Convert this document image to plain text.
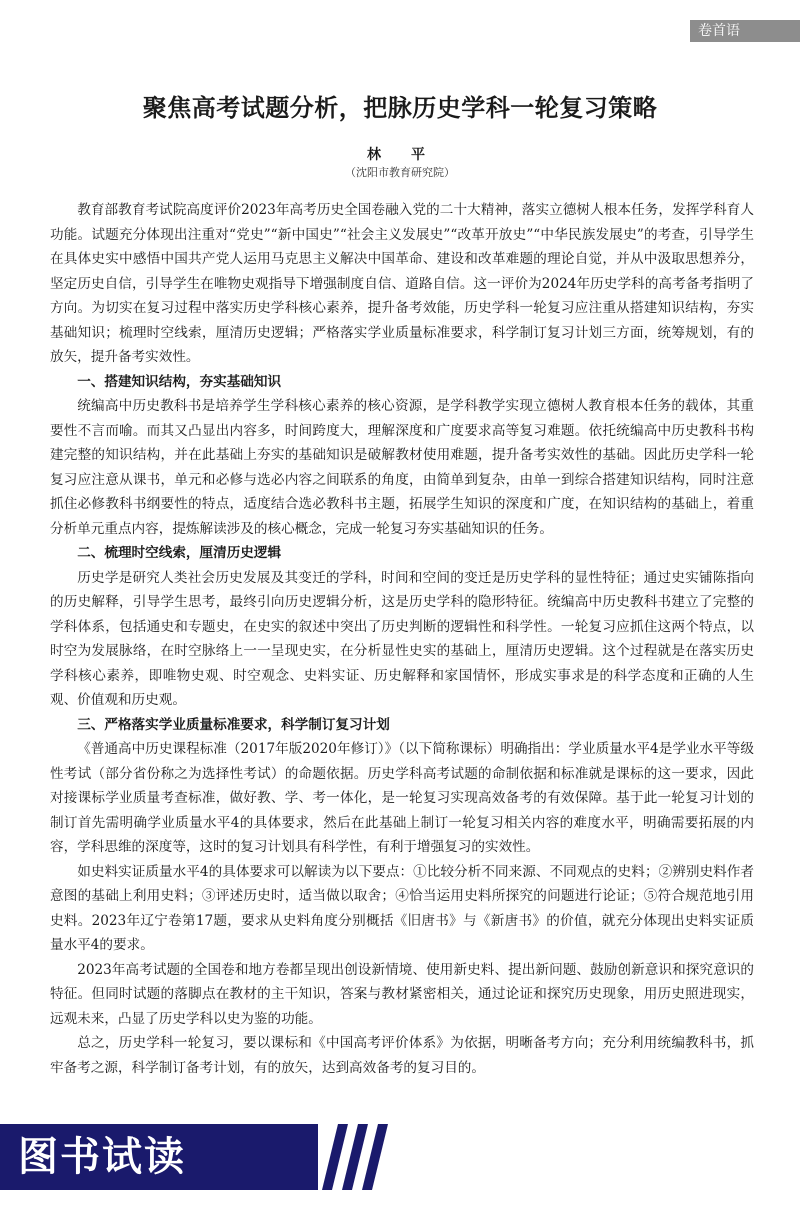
卷首语
聚焦高考试题分析，把脉历史学科一轮复习策略
林　平
（沈阳市教育研究院）

教育部教育考试院高度评价2023年高考历史全国卷融入党的二十大精神，落实立德树人根本任务，发挥学科育人功能。试题充分体现出注重对“党史”“新中国史”“社会主义发展史”“改革开放史”“中华民族发展史”的考查，引导学生在具体史实中感悟中国共产党人运用马克思主义解决中国革命、建设和改革难题的理论自觉，并从中汲取思想养分，坚定历史自信，引导学生在唯物史观指导下增强制度自信、道路自信。这一评价为2024年历史学科的高考备考指明了方向。为切实在复习过程中落实历史学科核心素养，提升备考效能，历史学科一轮复习应注重从搭建知识结构，夯实基础知识；梳理时空线索，厘清历史逻辑；严格落实学业质量标准要求，科学制订复习计划三方面，统筹规划，有的放矢，提升备考实效性。

一、搭建知识结构，夯实基础知识

统编高中历史教科书是培养学生学科核心素养的核心资源，是学科教学实现立德树人教育根本任务的载体，其重要性不言而喻。而其又凸显出内容多，时间跨度大，理解深度和广度要求高等复习难题。依托统编高中历史教科书构建完整的知识结构，并在此基础上夯实的基础知识是破解教材使用难题，提升备考实效性的基础。因此历史学科一轮复习应注意从课书，单元和必修与选必内容之间联系的角度，由简单到复杂，由单一到综合搭建知识结构，同时注意抓住必修教科书纲要性的特点，适度结合选必教科书主题，拓展学生知识的深度和广度，在知识结构的基础上，着重分析单元重点内容，提炼解读涉及的核心概念，完成一轮复习夯实基础知识的任务。

二、梳理时空线索，厘清历史逻辑

历史学是研究人类社会历史发展及其变迁的学科，时间和空间的变迁是历史学科的显性特征；通过史实铺陈指向的历史解释，引导学生思考，最终引向历史逻辑分析，这是历史学科的隐形特征。统编高中历史教科书建立了完整的学科体系，包括通史和专题史，在史实的叙述中突出了历史判断的逻辑性和科学性。一轮复习应抓住这两个特点，以时空为发展脉络，在时空脉络上一一呈现史实，在分析显性史实的基础上，厘清历史逻辑。这个过程就是在落实历史学科核心素养，即唯物史观、时空观念、史料实证、历史解释和家国情怀，形成实事求是的科学态度和正确的人生观、价值观和历史观。

三、严格落实学业质量标准要求，科学制订复习计划

《普通高中历史课程标准（2017年版2020年修订）》（以下简称课标）明确指出：学业质量水平4是学业水平等级性考试（部分省份称之为选择性考试）的命题依据。历史学科高考试题的命制依据和标准就是课标的这一要求，因此对接课标学业质量考查标准，做好教、学、考一体化，是一轮复习实现高效备考的有效保障。基于此一轮复习计划的制订首先需明确学业质量水平4的具体要求，然后在此基础上制订一轮复习相关内容的难度水平，明确需要拓展的内容，学科思维的深度等，这时的复习计划具有科学性，有利于增强复习的实效性。

如史料实证质量水平4的具体要求可以解读为以下要点：①比较分析不同来源、不同观点的史料；②辨别史料作者意图的基础上利用史料；③评述历史时，适当做以取舍；④恰当运用史料所探究的问题进行论证；⑤符合规范地引用史料。2023年辽宁卷第17题，要求从史料角度分别概括《旧唐书》与《新唐书》的价值，就充分体现出史料实证质量水平4的要求。

2023年高考试题的全国卷和地方卷都呈现出创设新情境、使用新史料、提出新问题、鼓励创新意识和探究意识的特征。但同时试题的落脚点在教材的主干知识，答案与教材紧密相关，通过论证和探究历史现象，用历史照进现实，远观未来，凸显了历史学科以史为鉴的功能。

总之，历史学科一轮复习，要以课标和《中国高考评价体系》为依据，明晰备考方向；充分利用统编教科书，抓牢备考之源，科学制订备考计划，有的放矢，达到高效备考的复习目的。

图书试读
